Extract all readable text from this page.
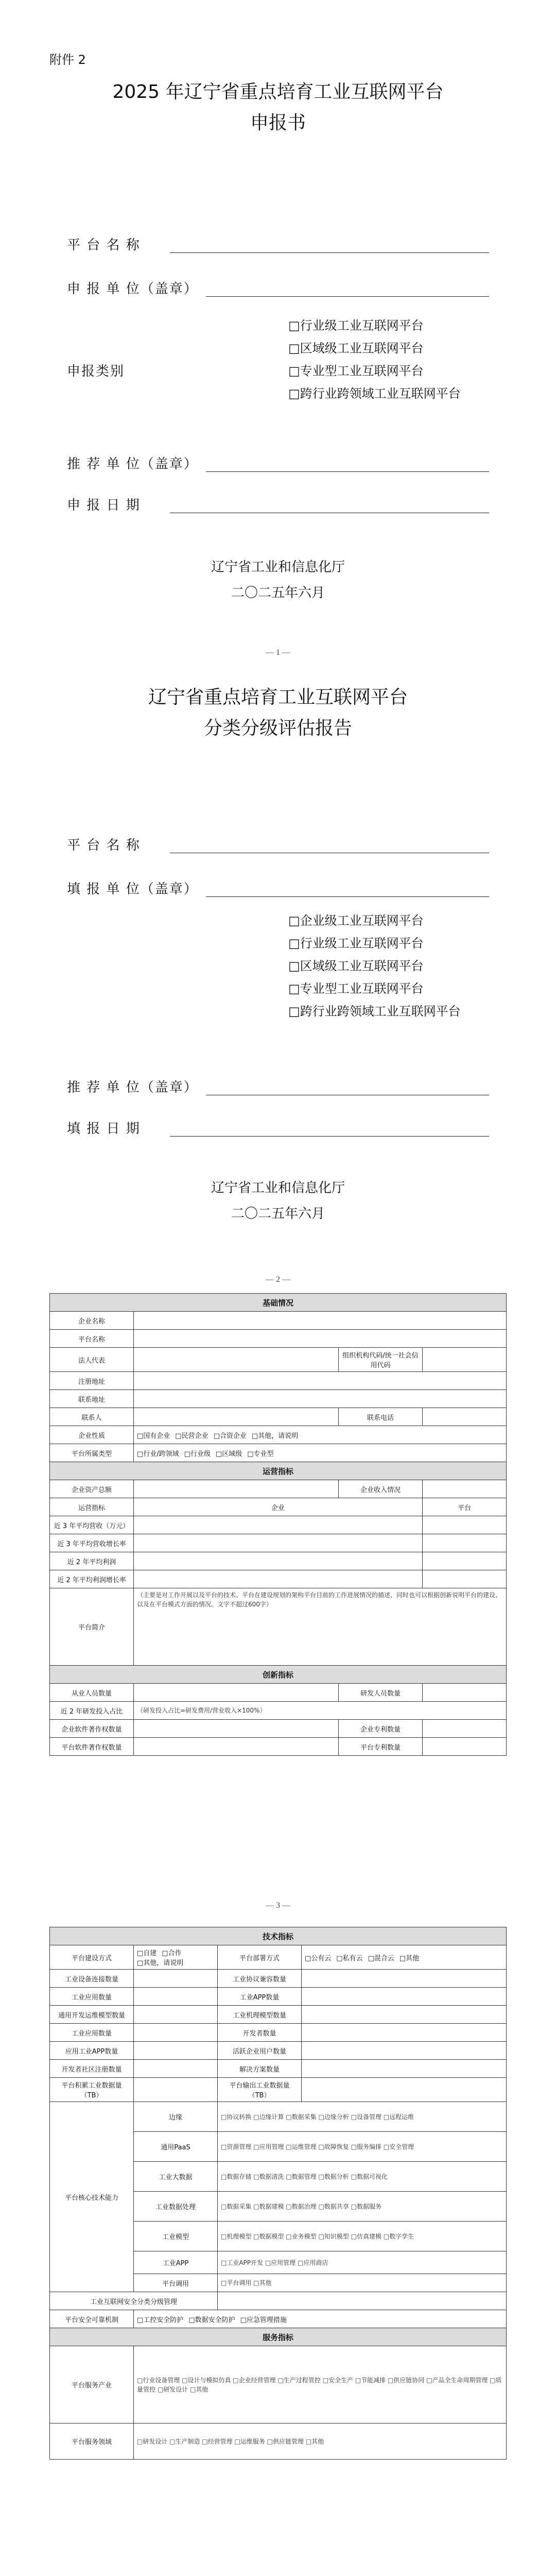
附件 2
2025 年辽宁省重点培育工业互联网平台
申报书
平 台 名 称
申 报 单 位（盖章）
申报类别
□行业级工业互联网平台
□区域级工业互联网平台
□专业型工业互联网平台
□跨行业跨领域工业互联网平台
推 荐 单 位（盖章）
申 报 日 期
辽宁省工业和信息化厅
二〇二五年六月
— 1 —
辽宁省重点培育工业互联网平台
分类分级评估报告
平 台 名 称
填 报 单 位（盖章）
□企业级工业互联网平台
□行业级工业互联网平台
□区域级工业互联网平台
□专业型工业互联网平台
□跨行业跨领域工业互联网平台
推 荐 单 位（盖章）
填 报 日 期
辽宁省工业和信息化厅
二〇二五年六月
— 2 —
基础情况			
企业名称			
平台名称			
法人代表		组织机构代码/统一社会信用代码	
注册地址			
联系地址			
联系人		联系电话	
企业性质	□国有企业 □民营企业 □合资企业 □其他，请说明		
平台所属类型	□行业/跨领域 □行业级 □区域级 □专业型		
运营指标			
企业资产总额		企业收入情况	
运营指标	企业		平台
近 3 年平均营收（万元）			
近 3 年平均营收增长率			
近 2 年平均利润			
近 2 年平均利润增长率			
平台简介	（主要是对工作开展以及平台的技术、平台在建设规划的架构平台目前的工作进展情况的描述，同时也可以根据创新说明平台的建设、以及在平台模式方面的情况。文字不超过600字）		
创新指标			
从业人员数量		研发人员数量	
近 2 年研发投入占比	（研发投入占比=研发费用/营业收入×100%）		
企业软件著作权数量		企业专利数量	
平台软件著作权数量		平台专利数量	
— 3 —
技术指标			
平台建设方式	□自建 □合作□其他，请说明	平台部署方式	□公有云 □私有云 □混合云 □其他
工业设备连接数量		工业协议兼容数量	
工业应用数量		工业APP数量	
通用开发运维模型数量		工业机理模型数量	
工业应用数量		开发者数量	
应用工业APP数量		活跃企业用户数量	
开发者社区注册数量		解决方案数量	
平台积累工业数据量（TB）		平台输出工业数据量（TB）	
平台核心技术能力	边缘	□协议转换 □边缘计算 □数据采集 □边缘分析 □设备管理 □远程运维	
	通用PaaS	□资源管理 □应用管理 □运维管理 □故障恢复 □服务编排 □安全管理	
	工业大数据	□数据存储 □数据清洗 □数据管理 □数据分析 □数据可视化	
	工业数据处理	□数据采集 □数据建模 □数据治理 □数据共享 □数据服务	
	工业模型	□机理模型 □数据模型 □业务模型 □知识模型 □仿真建模 □数字孪生	
	工业APP	□工业APP开发 □应用管理 □应用商店	
	平台调用	□平台调用 □其他	
工业互联网安全分类分级管理			
平台安全可靠机制	□工控安全防护 □数据安全防护 □应急管理措施		
服务指标			
平台服务产业	□行业设备管理 □设计与模拟仿真 □企业经营管理 □生产过程管控 □安全生产 □节能减排 □供应链协同 □产品全生命周期管理 □质量管控 □研发设计 □其他		
平台服务领域	□研发设计 □生产制造 □经营管理 □运维服务 □供应链管理 □其他		
